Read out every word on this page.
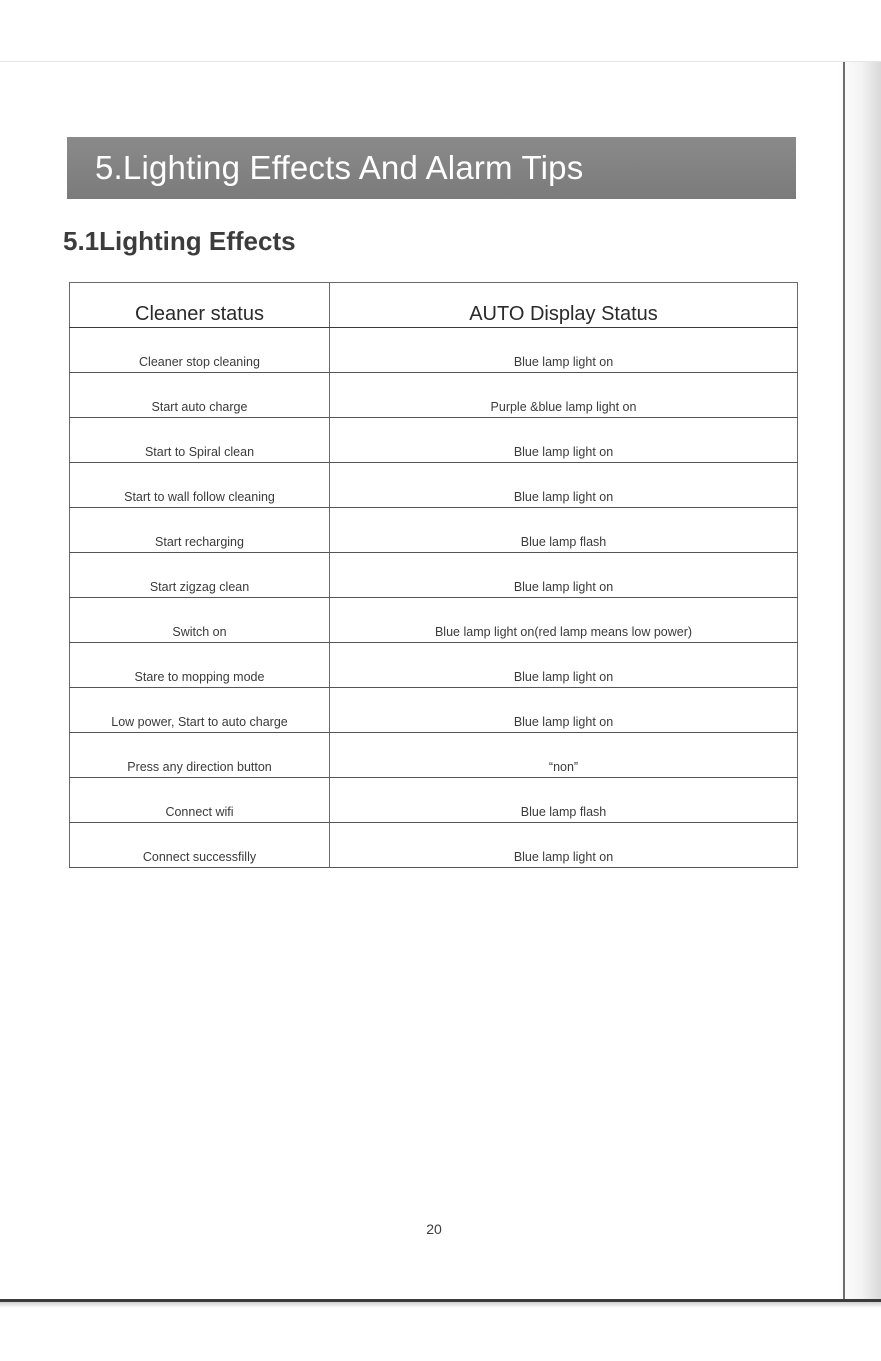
5.Lighting Effects And Alarm Tips
5.1Lighting Effects
Cleaner status	AUTO Display Status
Cleaner stop cleaning	Blue lamp light on
Start auto charge	Purple &blue lamp light on
Start to Spiral clean	Blue lamp light on
Start to wall follow cleaning	Blue lamp light on
Start recharging	Blue lamp flash
Start zigzag clean	Blue lamp light on
Switch on	Blue lamp light on(red lamp means low power)
Stare to mopping mode	Blue lamp light on
Low power, Start to auto charge	Blue lamp light on
Press any direction button	“non”
Connect wifi	Blue lamp flash
Connect successfilly	Blue lamp light on
20
